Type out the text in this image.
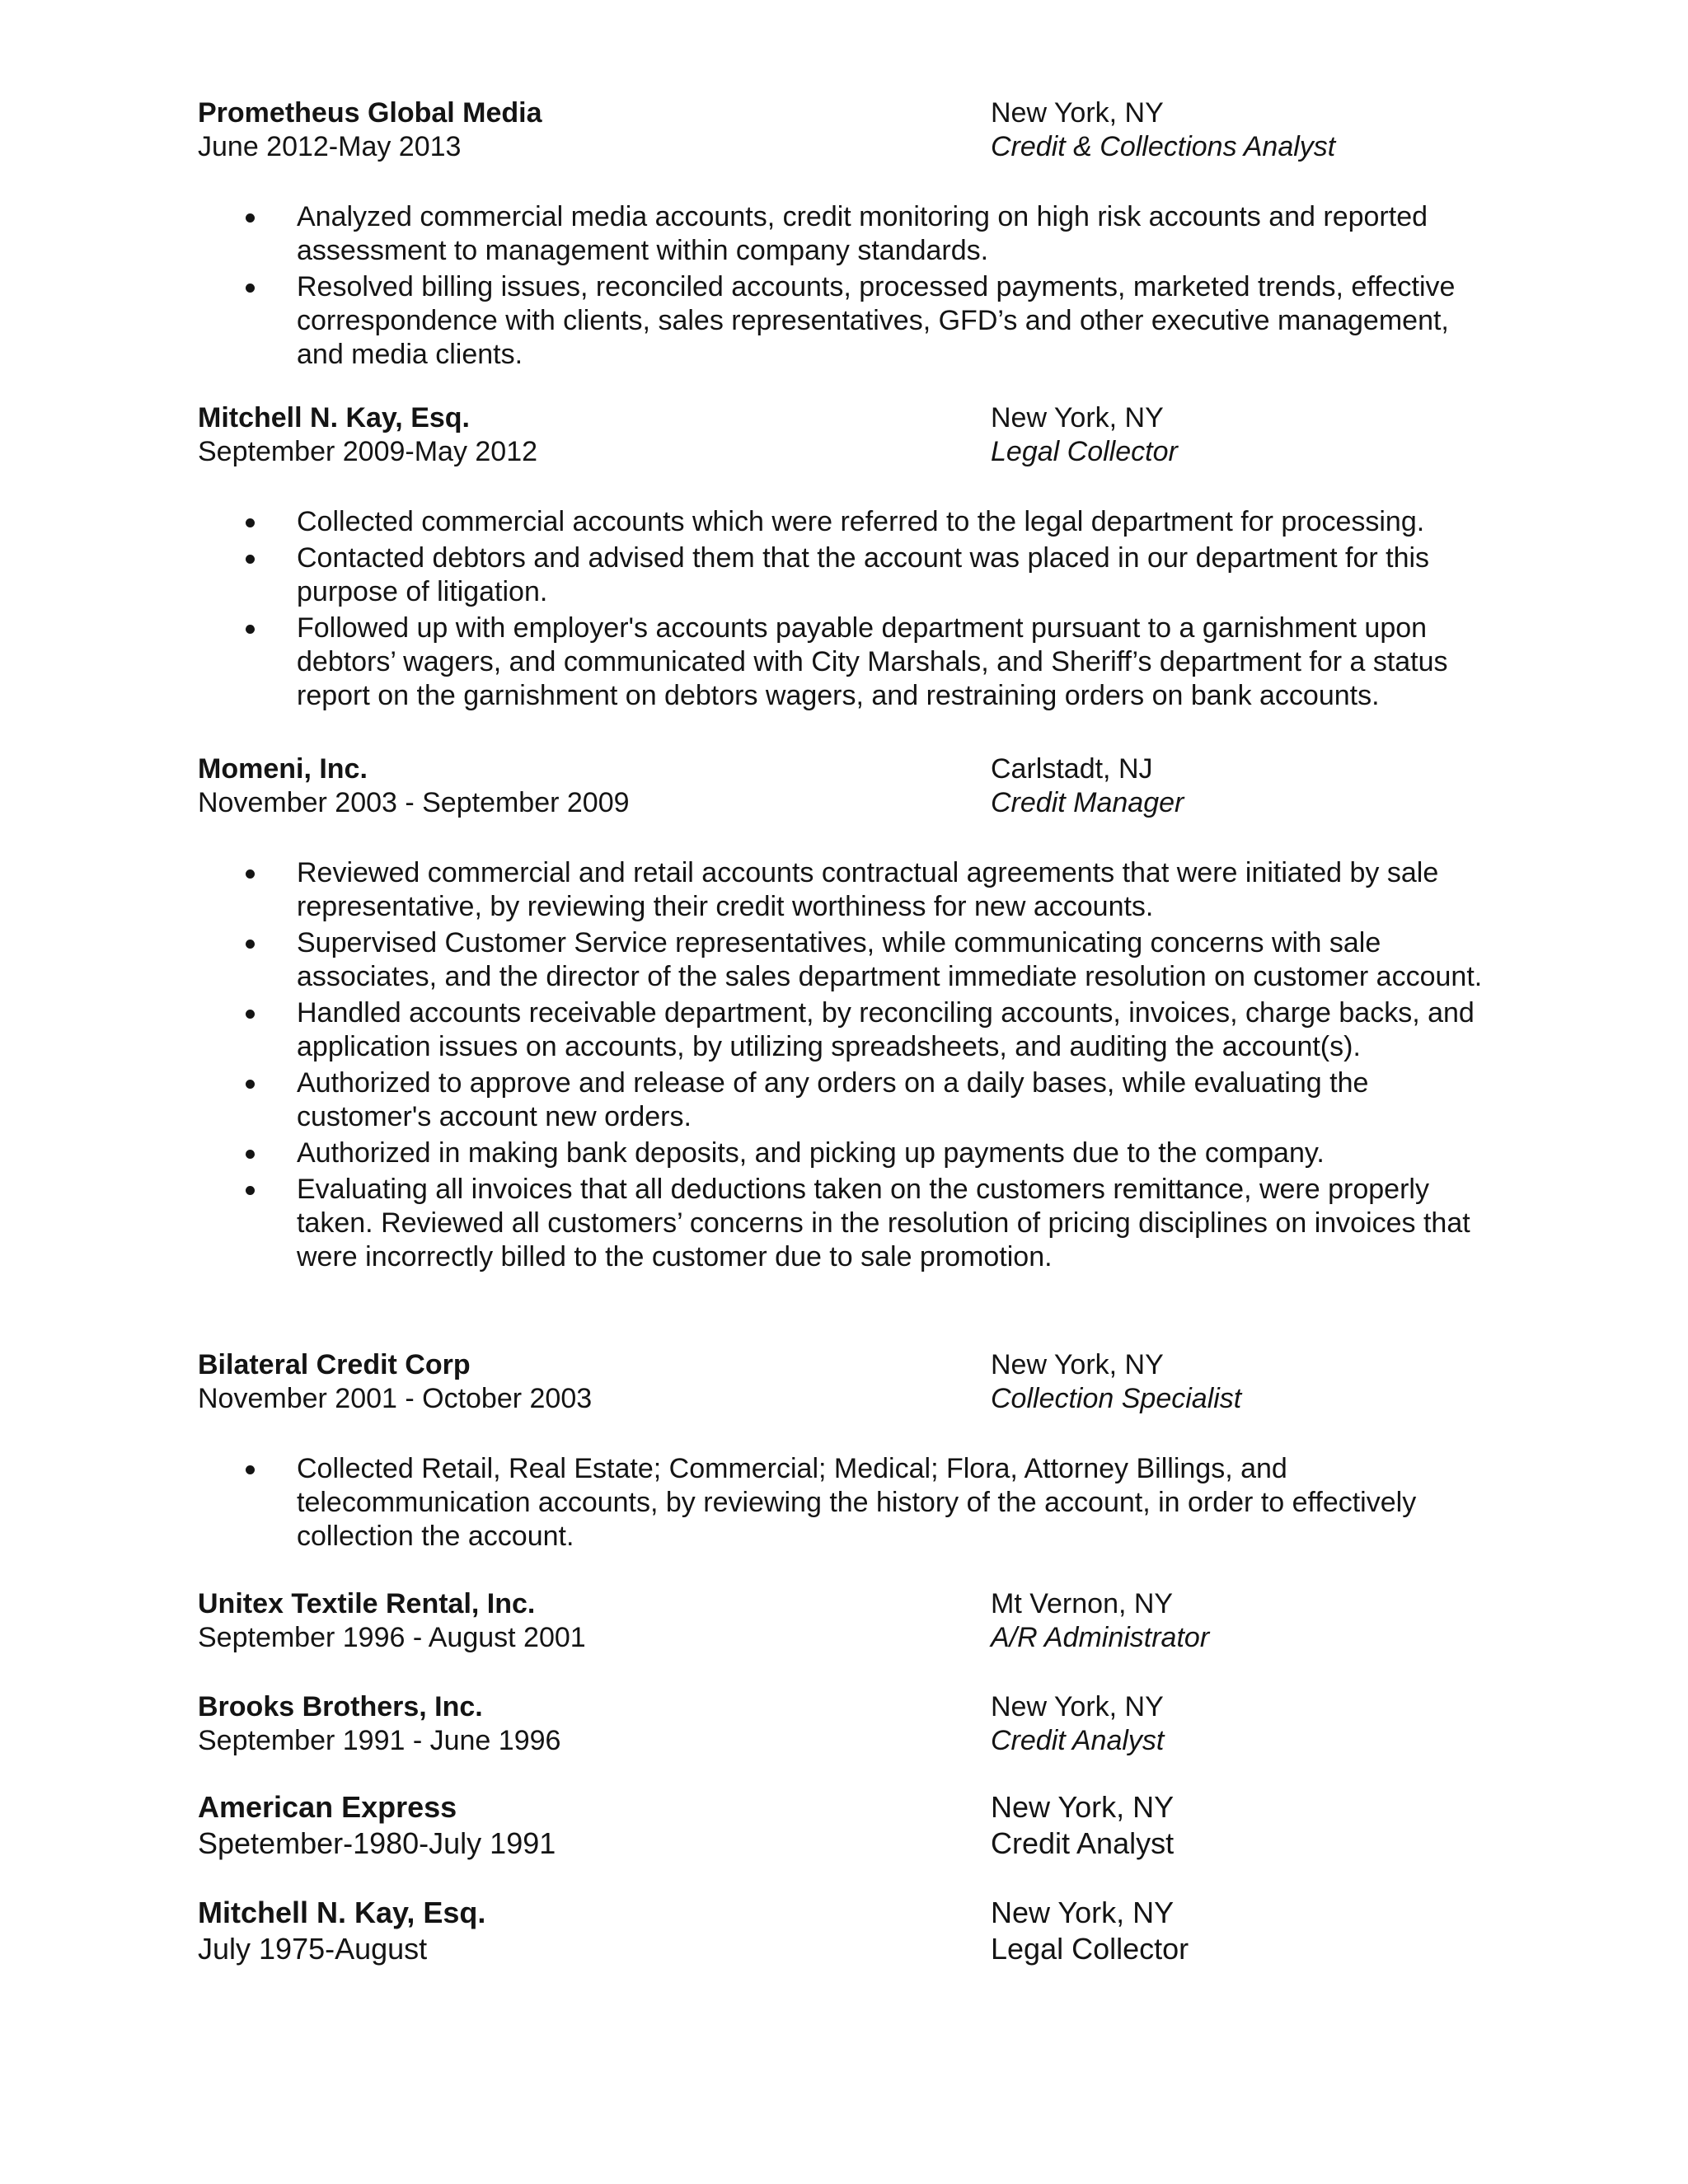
Prometheus Global Media
June 2012-May 2013
New York, NY
Credit & Collections Analyst
Analyzed commercial media accounts, credit monitoring on high risk accounts and reported assessment to management within company standards.
Resolved billing issues, reconciled accounts, processed payments, marketed trends, effective correspondence with clients, sales representatives, GFD’s and other executive management, and media clients.
Mitchell N. Kay, Esq.
September 2009-May 2012
New York, NY
Legal Collector
Collected commercial accounts which were referred to the legal department for processing.
Contacted debtors and advised them that the account was placed in our department for this purpose of litigation.
Followed up with employer's accounts payable department pursuant to a garnishment upon debtors’ wagers, and communicated with City Marshals, and Sheriff’s department for a status report on the garnishment on debtors wagers, and restraining orders on bank accounts.
Momeni, Inc.
November 2003 - September 2009
Carlstadt, NJ
Credit Manager
Reviewed commercial and retail accounts contractual agreements that were initiated by sale representative, by reviewing their credit worthiness for new accounts.
Supervised Customer Service representatives, while communicating concerns with sale associates, and the director of the sales department immediate resolution on customer account.
Handled accounts receivable department, by reconciling accounts, invoices, charge backs, and application issues on accounts, by utilizing spreadsheets, and auditing the account(s).
Authorized to approve and release of any orders on a daily bases, while evaluating the customer's account new orders.
Authorized in making bank deposits, and picking up payments due to the company.
Evaluating all invoices that all deductions taken on the customers remittance, were properly taken. Reviewed all customers’ concerns in the resolution of pricing disciplines on invoices that were incorrectly billed to the customer due to sale promotion.
Bilateral Credit Corp
November 2001 - October 2003
New York, NY
Collection Specialist
Collected Retail, Real Estate; Commercial; Medical; Flora, Attorney Billings, and telecommunication accounts, by reviewing the history of the account, in order to effectively collection the account.
Unitex Textile Rental, Inc.
September 1996 - August 2001
Mt Vernon, NY
A/R Administrator
Brooks Brothers, Inc.
September 1991 - June 1996
New York, NY
Credit Analyst
American Express
Spetember-1980-July 1991
New York, NY
Credit Analyst
Mitchell N. Kay, Esq.
July 1975-August
New York, NY
Legal Collector
